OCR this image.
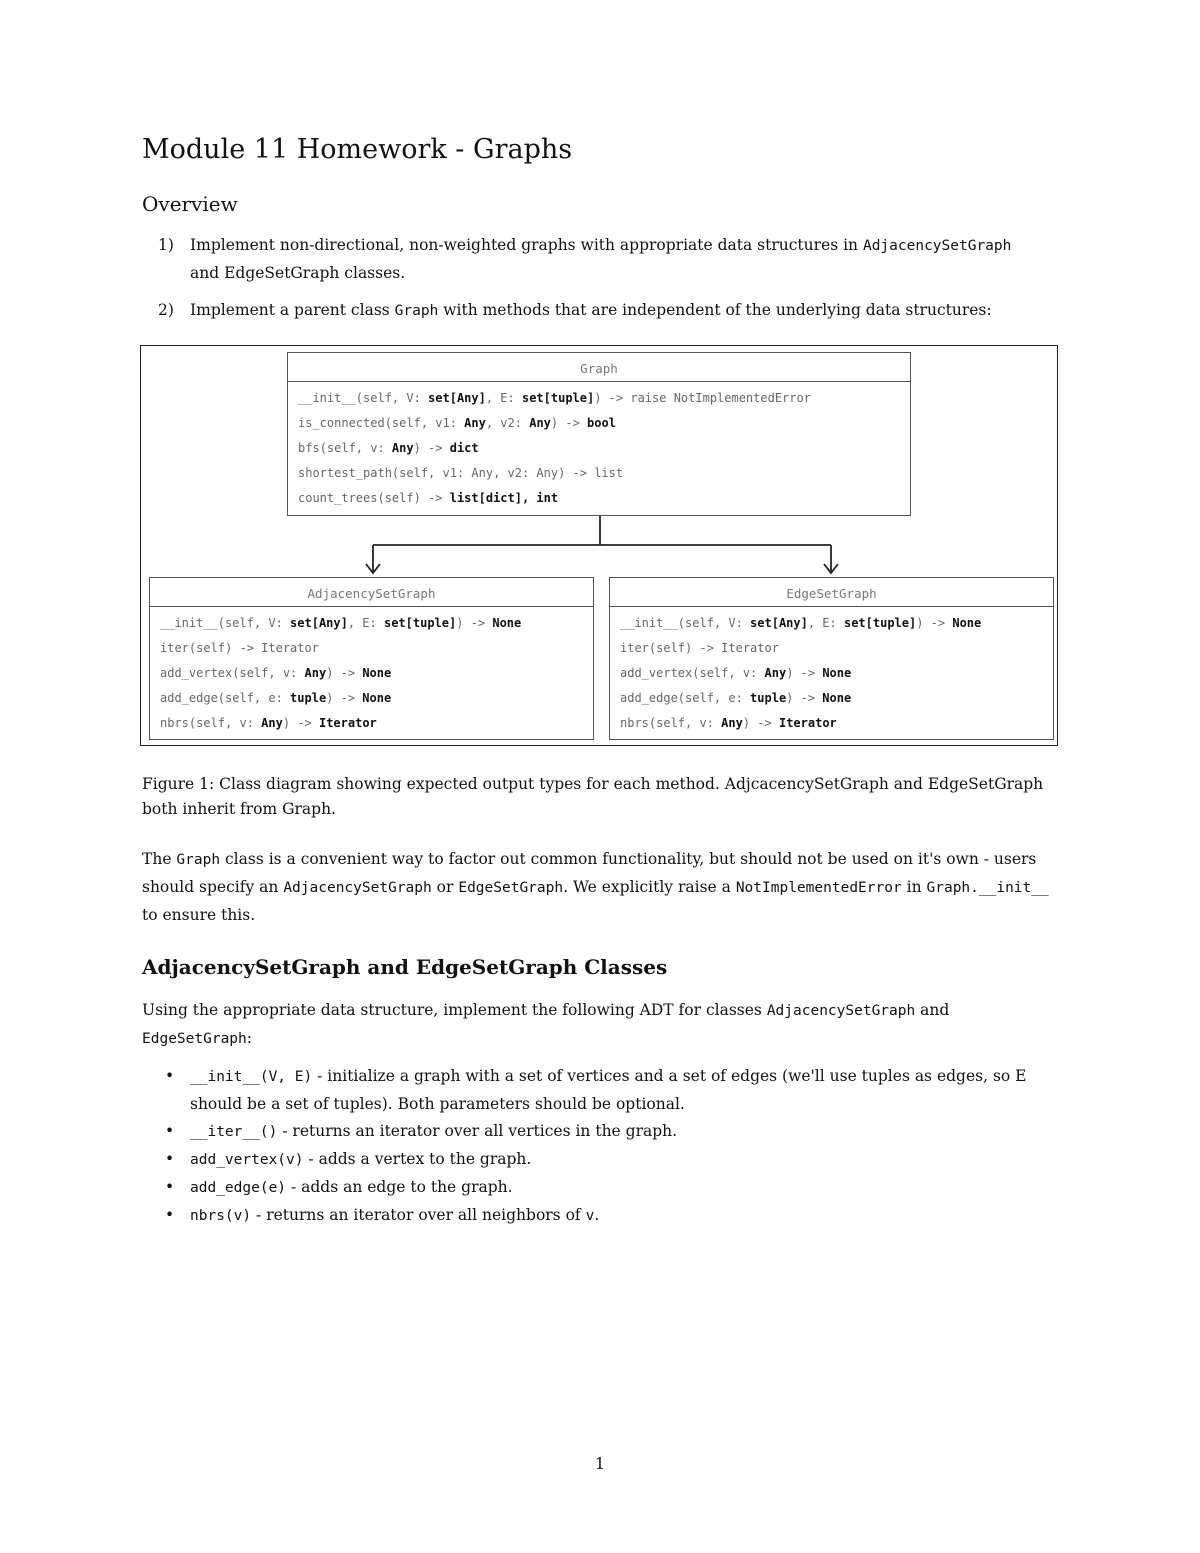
Module 11 Homework - Graphs
Overview
1) Implement non-directional, non-weighted graphs with appropriate data structures in AdjacencySetGraph
and EdgeSetGraph classes.
2) Implement a parent class Graph with methods that are independent of the underlying data structures:
Graph
__init__(self, V: set[Any], E: set[tuple]) -> raise NotImplementedError
is_connected(self, v1: Any, v2: Any) -> bool
bfs(self, v: Any) -> dict
shortest_path(self, v1: Any, v2: Any) -> list
count_trees(self) -> list[dict], int
AdjacencySetGraph
__init__(self, V: set[Any], E: set[tuple]) -> None
iter(self) -> Iterator
add_vertex(self, v: Any) -> None
add_edge(self, e: tuple) -> None
nbrs(self, v: Any) -> Iterator
EdgeSetGraph
__init__(self, V: set[Any], E: set[tuple]) -> None
iter(self) -> Iterator
add_vertex(self, v: Any) -> None
add_edge(self, e: tuple) -> None
nbrs(self, v: Any) -> Iterator
Figure 1: Class diagram showing expected output types for each method. AdjcacencySetGraph and EdgeSetGraph both inherit from Graph.
The Graph class is a convenient way to factor out common functionality, but should not be used on it's own - users should specify an AdjacencySetGraph or EdgeSetGraph. We explicitly raise a NotImplementedError in Graph.__init__ to ensure this.
AdjacencySetGraph and EdgeSetGraph Classes
Using the appropriate data structure, implement the following ADT for classes AdjacencySetGraph and
EdgeSetGraph:
• __init__(V, E) - initialize a graph with a set of vertices and a set of edges (we'll use tuples as edges, so E should be a set of tuples). Both parameters should be optional.
• __iter__() - returns an iterator over all vertices in the graph.
• add_vertex(v) - adds a vertex to the graph.
• add_edge(e) - adds an edge to the graph.
• nbrs(v) - returns an iterator over all neighbors of v.
1
